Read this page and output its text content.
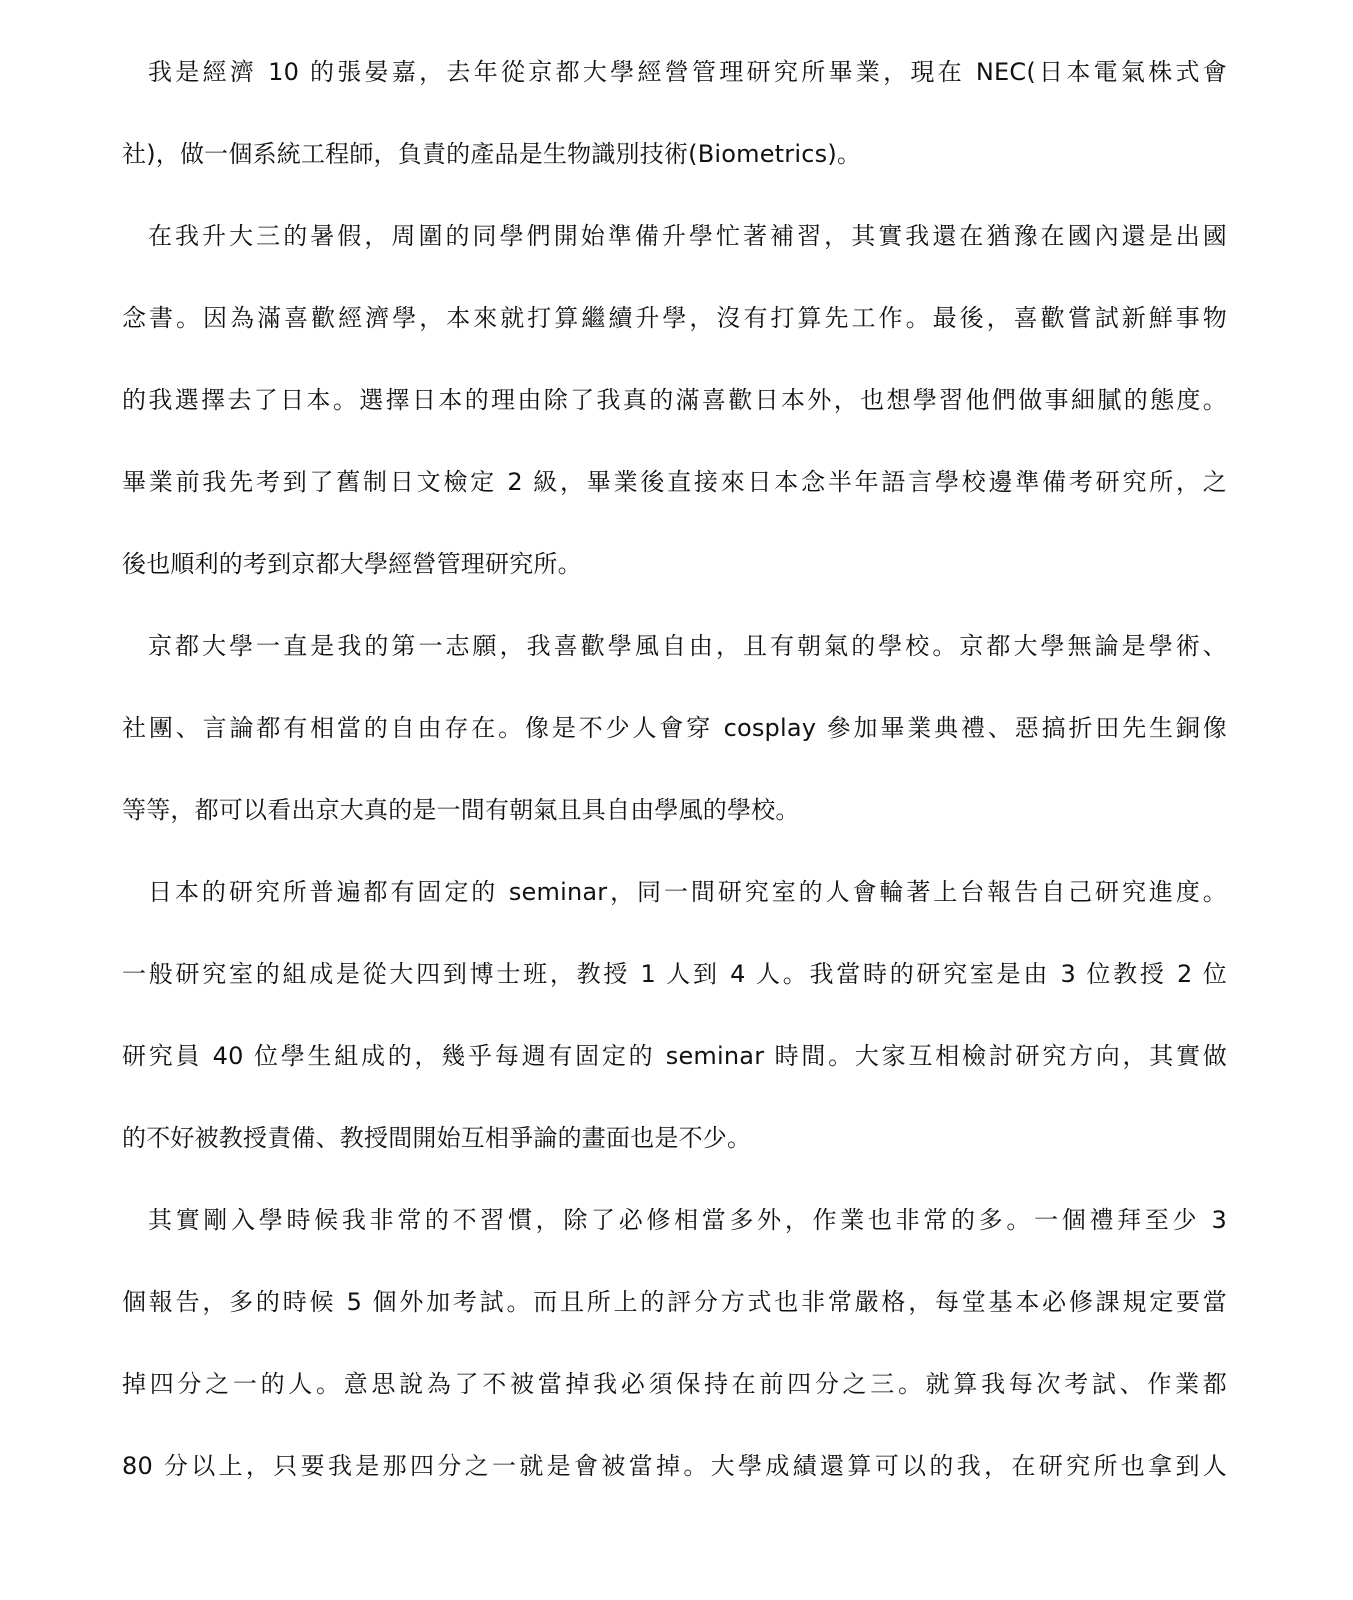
我是經濟 10 的張晏嘉，去年從京都大學經營管理研究所畢業，現在 NEC(日本電氣株式會
社)，做一個系統工程師，負責的產品是生物識別技術(Biometrics)。
在我升大三的暑假，周圍的同學們開始準備升學忙著補習，其實我還在猶豫在國內還是出國
念書。因為滿喜歡經濟學，本來就打算繼續升學，沒有打算先工作。最後，喜歡嘗試新鮮事物
的我選擇去了日本。選擇日本的理由除了我真的滿喜歡日本外，也想學習他們做事細膩的態度。
畢業前我先考到了舊制日文檢定 2 級，畢業後直接來日本念半年語言學校邊準備考研究所，之
後也順利的考到京都大學經營管理研究所。
京都大學一直是我的第一志願，我喜歡學風自由，且有朝氣的學校。京都大學無論是學術、
社團、言論都有相當的自由存在。像是不少人會穿 cosplay 參加畢業典禮、惡搞折田先生銅像
等等，都可以看出京大真的是一間有朝氣且具自由學風的學校。
日本的研究所普遍都有固定的 seminar，同一間研究室的人會輪著上台報告自己研究進度。
一般研究室的組成是從大四到博士班，教授 1 人到 4 人。我當時的研究室是由 3 位教授 2 位
研究員 40 位學生組成的，幾乎每週有固定的 seminar 時間。大家互相檢討研究方向，其實做
的不好被教授責備、教授間開始互相爭論的畫面也是不少。
其實剛入學時候我非常的不習慣，除了必修相當多外，作業也非常的多。一個禮拜至少 3
個報告，多的時候 5 個外加考試。而且所上的評分方式也非常嚴格，每堂基本必修課規定要當
掉四分之一的人。意思說為了不被當掉我必須保持在前四分之三。就算我每次考試、作業都
80 分以上，只要我是那四分之一就是會被當掉。大學成績還算可以的我，在研究所也拿到人
